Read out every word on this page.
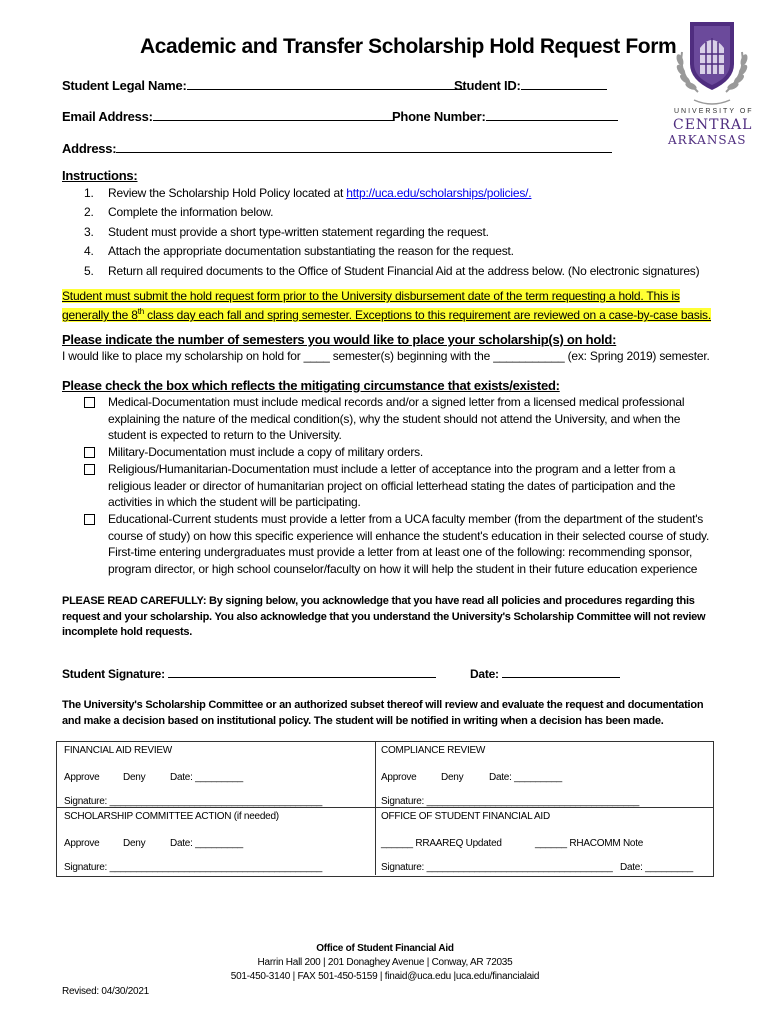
Academic and Transfer Scholarship Hold Request Form
UNIVERSITY OF
CENTRAL
ARKANSAS
Student Legal Name:	Student ID:
Email Address:	Phone Number:
Address:
Instructions:
1. Review the Scholarship Hold Policy located at http://uca.edu/scholarships/policies/.
2. Complete the information below.
3. Student must provide a short type-written statement regarding the request.
4. Attach the appropriate documentation substantiating the reason for the request.
5. Return all required documents to the Office of Student Financial Aid at the address below. (No electronic signatures)
Student must submit the hold request form prior to the University disbursement date of the term requesting a hold. This is
generally the 8th class day each fall and spring semester. Exceptions to this requirement are reviewed on a case-by-case basis.
Please indicate the number of semesters you would like to place your scholarship(s) on hold:
I would like to place my scholarship on hold for ____ semester(s) beginning with the ___________ (ex: Spring 2019) semester.
Please check the box which reflects the mitigating circumstance that exists/existed:
Medical-Documentation must include medical records and/or a signed letter from a licensed medical professional
explaining the nature of the medical condition(s), why the student should not attend the University, and when the
student is expected to return to the University.
Military-Documentation must include a copy of military orders.
Religious/Humanitarian-Documentation must include a letter of acceptance into the program and a letter from a
religious leader or director of humanitarian project on official letterhead stating the dates of participation and the
activities in which the student will be participating.
Educational-Current students must provide a letter from a UCA faculty member (from the department of the student's
course of study) on how this specific experience will enhance the student's education in their selected course of study.
First-time entering undergraduates must provide a letter from at least one of the following: recommending sponsor,
program director, or high school counselor/faculty on how it will help the student in their future education experience
PLEASE READ CAREFULLY: By signing below, you acknowledge that you have read all policies and procedures regarding this
request and your scholarship. You also acknowledge that you understand the University's Scholarship Committee will not review
incomplete hold requests.
Student Signature:	Date:
The University's Scholarship Committee or an authorized subset thereof will review and evaluate the request and documentation
and make a decision based on institutional policy. The student will be notified in writing when a decision has been made.
FINANCIAL AID REVIEW
Approve Deny Date: _________
Signature: ________________________________________
COMPLIANCE REVIEW
Approve Deny	Date: _________
Signature: ________________________________________
SCHOLARSHIP COMMITTEE ACTION (if needed)
Approve Deny Date: _________
Signature: ________________________________________
OFFICE OF STUDENT FINANCIAL AID
______ RRAAREQ Updated	______ RHACOMM Note
Signature: ___________________________________ Date: _________
Office of Student Financial Aid
Harrin Hall 200 | 201 Donaghey Avenue | Conway, AR 72035
501-450-3140 | FAX 501-450-5159 | finaid@uca.edu |uca.edu/financialaid
Revised: 04/30/2021
